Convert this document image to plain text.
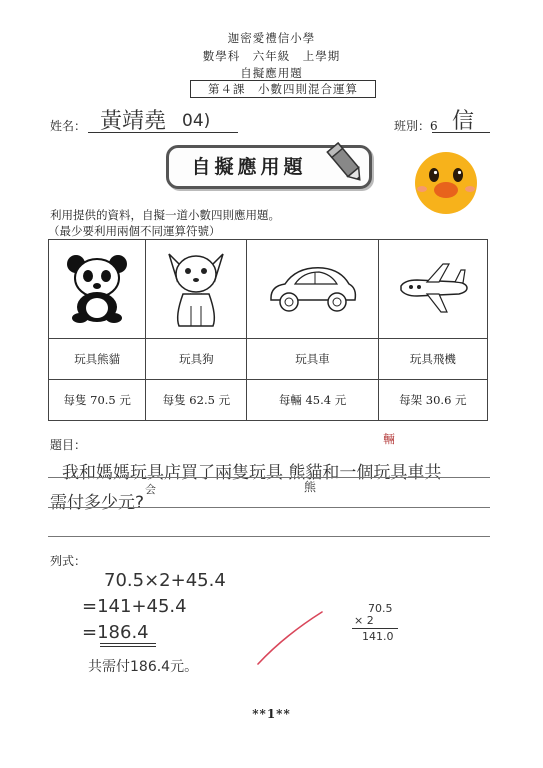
迦密愛禮信小學
數學科　六年級　上學期
自擬應用題
第４課　小數四則混合運算
姓名： 黃靖堯 04)	班別：6 信
自擬應用題
利用提供的資料，自擬一道小數四則應用題。
（最少要利用兩個不同運算符號）

玩具熊貓	玩具狗	玩具車	玩具飛機
每隻 70.5 元	每隻 62.5 元	每輛 45.4 元	每架 30.6 元
題目：	輛
我和媽媽玩具店買了兩隻玩具 熊貓和一個玩具車共
熊
需付多少元?
会
列式：
70.5×2+45.4
=141+45.4
=186.4
共需付186.4元。
70.5
× 2
141.0
**1**
